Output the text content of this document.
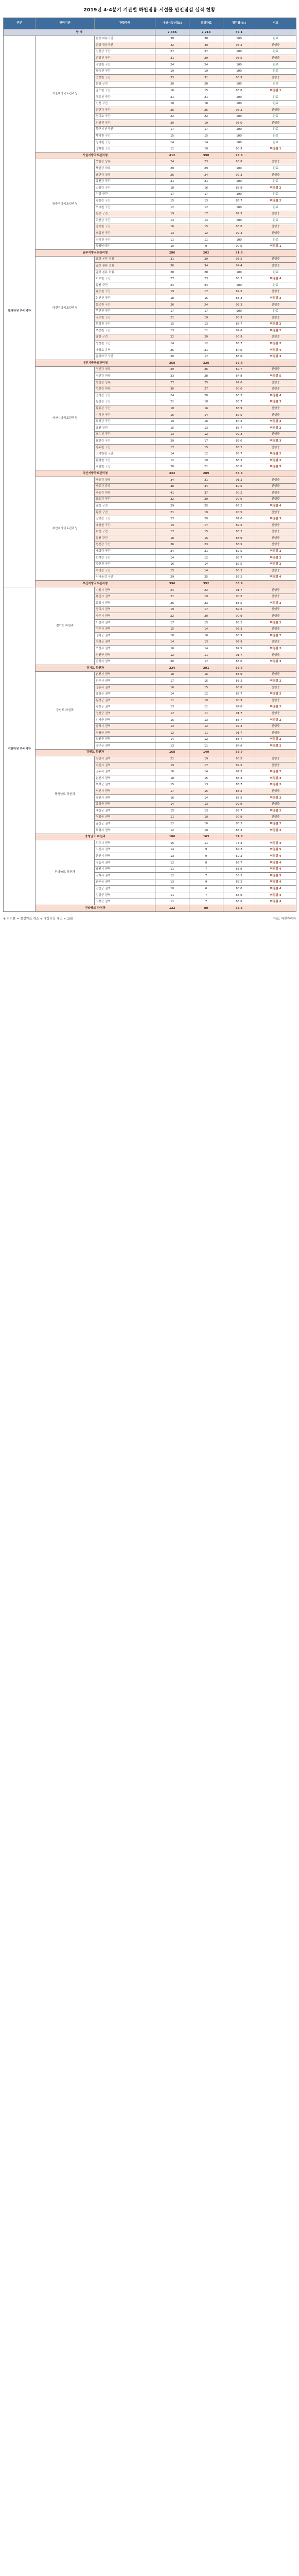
2019년 4·4분기 기관별 하천점용 시설물 안전점검 실적 현황
구분	관리기관	관할구역	대상시설(개소)	점검완료	점검률(%)	비고
합 계			2,486	2,214	89.1	
국가하천 관리기관	서울지방국토관리청	한강 하류구간	38	38	100	완료
		한강 중류구간	42	40	95.2	진행중
		임진강 구간	27	27	100	완료
		안성천 구간	31	29	93.5	진행중
		경안천 구간	24	24	100	완료
		왕숙천 구간	19	19	100	완료
		중랑천 구간	33	31	93.9	진행중
		탄천 구간	28	28	100	완료
		굴포천 구간	16	15	93.8	미점검 1
		곡릉천 구간	21	21	100	완료
		신천 구간	18	18	100	완료
		한탄강 구간	26	25	96.2	진행중
		평택호 구간	22	22	100	완료
		진위천 구간	20	19	95.0	진행중
		황구지천 구간	17	17	100	완료
		복하천 구간	15	15	100	완료
		청미천 구간	14	14	100	완료
		양화천 구간	11	10	90.9	미점검 1
	서울지방국토관리청		412	398	96.6	
	원주지방국토관리청	북한강 상류	24	23	95.8	진행중
		북한강 하류	29	29	100	완료
		남한강 상류	26	24	92.3	진행중
		홍천강 구간	21	21	100	완료
		소양강 구간	18	16	88.9	미점검 2
		섬강 구간	17	17	100	완료
		평창강 구간	15	13	86.7	미점검 2
		오대천 구간	12	12	100	완료
		동강 구간	19	17	89.5	진행중
		주천강 구간	14	14	100	완료
		남대천 구간	16	15	93.8	진행중
		오십천 구간	13	12	92.3	진행중
		연곡천 구간	11	11	100	완료
		양양남대천	10	9	90.0	미점검 1
	원주지방국토관리청		286	262	91.6	
	대전지방국토관리청	금강 본류 상류	31	29	93.5	진행중
		금강 본류 중류	36	34	94.4	진행중
		금강 본류 하류	28	28	100	완료
		미호천 구간	27	23	85.2	미점검 4
		갑천 구간	24	24	100	완료
		유등천 구간	19	17	89.5	진행중
		논산천 구간	18	15	83.3	미점검 3
		삽교천 구간	26	24	92.3	진행중
		무한천 구간	17	17	100	완료
		곡교천 구간	21	19	90.5	진행중
		보청천 구간	15	13	86.7	미점검 2
		초강천 구간	13	11	84.6	미점검 2
		달천 구간	22	20	90.9	진행중
		병천천 구간	14	12	85.7	미점검 2
		대청호 유역	25	21	84.0	미점검 4
		금강하구 구간	20	17	85.0	미점검 3
	대전지방국토관리청		358	320	89.4	
	익산지방국토관리청	영산강 상류	29	26	89.7	진행중
		영산강 하류	33	28	84.8	미점검 5
		섬진강 상류	27	25	92.6	진행중
		섬진강 하류	30	27	90.0	진행중
		만경강 구간	24	20	83.3	미점검 4
		동진강 구간	21	18	85.7	미점검 3
		황룡강 구간	18	16	88.9	진행중
		지석천 구간	16	14	87.5	진행중
		보성강 구간	19	16	84.2	미점검 3
		요천 구간	15	13	86.7	미점검 2
		오수천 구간	13	12	92.3	진행중
		탐진강 구간	20	17	85.0	미점검 3
		광주천 구간	17	15	88.2	진행중
		고막원천 구간	14	12	85.7	미점검 2
		함평천 구간	12	10	83.3	미점검 2
		와탄천 구간	26	21	80.8	미점검 5
	익산지방국토관리청		334	289	86.5	
	부산지방국토관리청	낙동강 상류	34	31	91.2	진행중
		낙동강 중류	38	34	89.5	진행중
		낙동강 하류	41	37	90.2	진행중
		금호강 구간	32	29	90.6	진행중
		남강 구간	29	25	86.2	미점검 4
		황강 구간	21	19	90.5	진행중
		밀양강 구간	23	20	87.0	미점검 3
		내성천 구간	19	17	89.5	진행중
		위천 구간	17	15	88.2	진행중
		감천 구간	18	16	88.9	진행중
		형산강 구간	26	23	88.5	진행중
		태화강 구간	24	21	87.5	미점검 3
		회야강 구간	14	12	85.7	미점검 2
		양산천 구간	16	14	87.5	미점검 2
		수영강 구간	15	14	93.3	진행중
		서낙동강 구간	29	25	86.2	미점검 4
	부산지방국토관리청		396	352	88.9	
지방하천 관리기관	경기도 하천과	수원시 권역	24	22	91.7	진행중
		용인시 권역	21	19	90.5	진행중
		화성시 권역	26	23	88.5	미점검 3
		평택시 권역	19	17	89.5	진행중
		파주시 권역	22	20	90.9	진행중
		이천시 권역	17	15	88.2	미점검 2
		여주시 권역	15	14	93.3	진행중
		양평군 권역	18	16	88.9	미점검 2
		가평군 권역	14	13	92.9	진행중
		포천시 권역	16	14	87.5	미점검 2
		연천군 권역	12	11	91.7	진행중
		안성시 권역	20	17	85.0	미점검 3
	경기도 하천과		224	201	89.7	
	강원도 하천과	춘천시 권역	18	16	88.9	진행중
		원주시 권역	17	15	88.2	미점검 2
		강릉시 권역	16	15	93.8	진행중
		홍천군 권역	14	12	85.7	미점검 2
		횡성군 권역	11	10	90.9	진행중
		평창군 권역	13	11	84.6	미점검 2
		정선군 권역	12	11	91.7	진행중
		인제군 권역	15	13	86.7	미점검 2
		삼척시 권역	13	12	92.3	진행중
		영월군 권역	12	11	91.7	진행중
		철원군 권역	14	12	85.7	미점검 2
		양구군 권역	13	11	84.6	미점검 2
	강원도 하천과		168	149	88.7	
	충청남도 하천과	천안시 권역	21	19	90.5	진행중
		아산시 권역	19	17	89.5	진행중
		공주시 권역	16	14	87.5	미점검 2
		논산시 권역	18	15	83.3	미점검 3
		부여군 권역	15	13	86.7	미점검 2
		서산시 권역	17	15	88.2	진행중
		당진시 권역	16	14	87.5	미점검 2
		홍성군 권역	14	13	92.9	진행중
		예산군 권역	15	13	86.7	미점검 2
		청양군 권역	11	10	90.9	진행중
		금산군 권역	12	10	83.3	미점검 2
		보령시 권역	12	10	83.3	미점검 2
	충청남도 하천과		186	163	87.6	
	전라북도 하천과	전주시 권역	15	11	73.3	미점검 4
		익산시 권역	14	9	64.3	미점검 5
		군산시 권역	13	9	69.2	미점검 4
		정읍시 권역	12	8	66.7	미점검 4
		남원시 권역	11	7	63.6	미점검 4
		김제시 권역	12	7	58.3	미점검 5
		완주군 권역	13	9	69.2	미점검 4
		진안군 권역	10	6	60.0	미점검 4
		임실군 권역	11	7	63.6	미점검 4
		고창군 권역	11	7	63.6	미점검 4
	전라북도 하천과		122	80	65.6	
※ 점검률 = 점검완료 개소 ÷ 대상시설 개소 × 100	자료: 하천관리과
